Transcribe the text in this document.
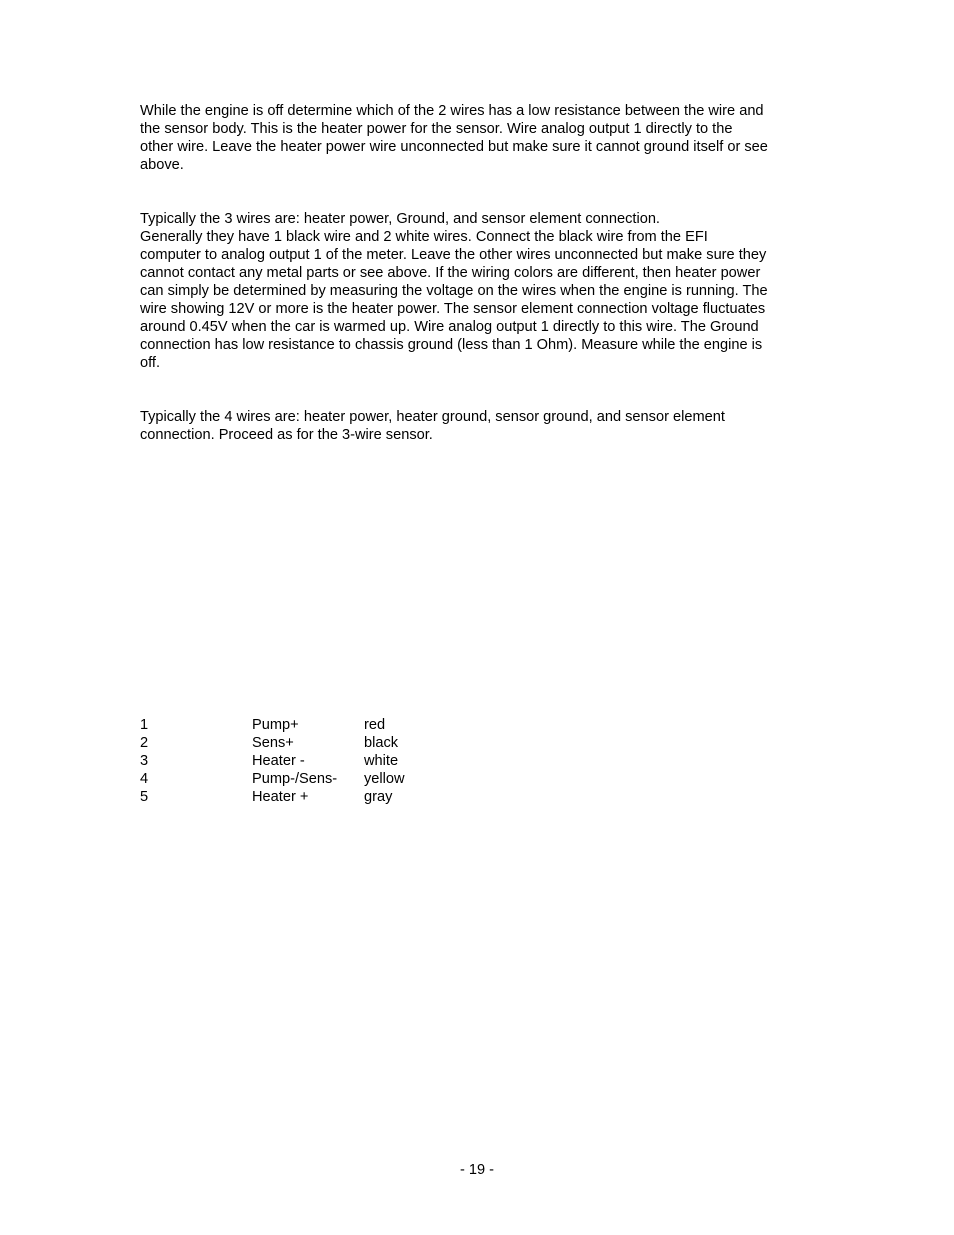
While the engine is off determine which of the 2 wires has a low resistance between the wire and
the sensor body. This is the heater power for the sensor. Wire analog output 1 directly to the
other wire. Leave the heater power wire unconnected but make sure it cannot ground itself or see
above.

Typically the 3 wires are: heater power, Ground, and sensor element connection.
Generally they have 1 black wire and 2 white wires. Connect the black wire from the EFI
computer to analog output 1 of the meter. Leave the other wires unconnected but make sure they
cannot contact any metal parts or see above. If the wiring colors are different, then heater power
can simply be determined by measuring the voltage on the wires when the engine is running. The
wire showing 12V or more is the heater power. The sensor element connection voltage fluctuates
around 0.45V when the car is warmed up. Wire analog output 1 directly to this wire. The Ground
connection has low resistance to chassis ground (less than 1 Ohm). Measure while the engine is
off.

Typically the 4 wires are: heater power, heater ground, sensor ground, and sensor element
connection. Proceed as for the 3-wire sensor.

1	Pump+	red
2	Sens+	black
3	Heater -	white
4	Pump-/Sens-	yellow
5	Heater +	gray
- 19 -
